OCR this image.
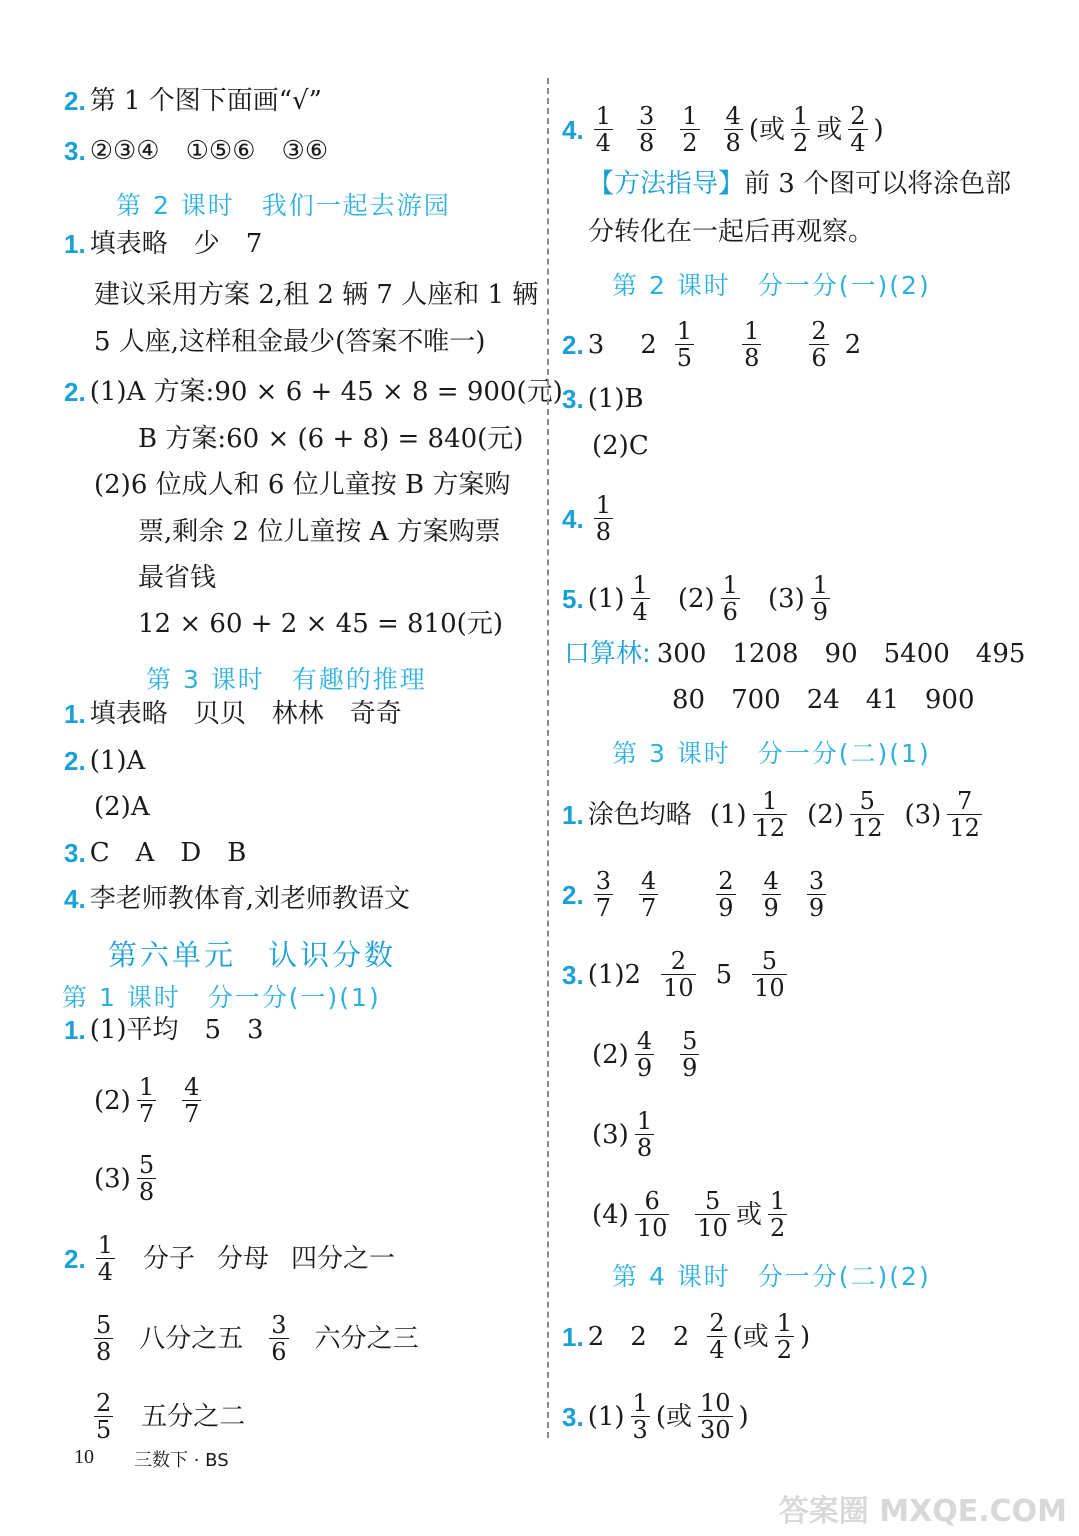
2. 第 1 个图下面画“√”
3. ②③④　①⑤⑥　③⑥
第 2 课时　我们一起去游园
1. 填表略　少　7
建议采用方案 2,租 2 辆 7 人座和 1 辆
5 人座,这样租金最少(答案不唯一)
2. (1)A 方案:90 × 6 + 45 × 8 = 900(元)
B 方案:60 × (6 + 8) = 840(元)
(2)6 位成人和 6 位儿童按 B 方案购
票,剩余 2 位儿童按 A 方案购票
最省钱
12 × 60 + 2 × 45 = 810(元)
第 3 课时　有趣的推理
1. 填表略　贝贝　林林　奇奇
2. (1)A
(2)A
3. C　A　D　B
4. 李老师教体育,刘老师教语文
第六单元　认识分数
第 1 课时　分一分(一)(1)
1. (1)平均　5　3
$(2) \frac{1}{7} \frac{4}{7}$
$(3) \frac{5}{8}$
2. $\frac{1}{4}$ 分子 分母 四分之一
$\frac{5}{8}$ 八分之五 $\frac{3}{6}$ 六分之三
$\frac{2}{5}$ 五分之二
4. $\frac{1}{4} \frac{3}{8} \frac{1}{2} \frac{4}{8}$ (或 $\frac{1}{2}$ 或 $\frac{2}{4}$ )
【方法指导】 前 3 个图可以将涂色部
分转化在一起后再观察。
第 2 课时　分一分(一)(2)
2. 3 $2 \frac{1}{5} \frac{1}{8} \frac{2}{6} 2$
3. (1)B
(2)C
4. $\frac{1}{8}$
5. $(1) \frac{1}{4} (2) \frac{1}{6} (3) \frac{1}{9}$
口算林: 300　1208　90　5400　495
80　700　24　41　900
第 3 课时　分一分(二)(1)
1. 涂色均略 $(1) \frac{1}{12} (2) \frac{5}{12} (3) \frac{7}{12}$
2. $\frac{3}{7} \frac{4}{7} \frac{2}{9} \frac{4}{9} \frac{3}{9}$
3. $(1)2 \frac{2}{10} 5 \frac{5}{10}$
$(2) \frac{4}{9} \frac{5}{9}$
$(3) \frac{1}{8}$
$(4) \frac{6}{10} \frac{5}{10}$ 或 $\frac{1}{2}$
第 4 课时　分一分(二)(2)
1. 2　2　$2 \frac{2}{4}$ (或 $\frac{1}{2}$ )
3. $(1) \frac{1}{3}$ (或 $\frac{10}{30}$ )
10 三数下 · BS
答案圈 MXQE.COM
